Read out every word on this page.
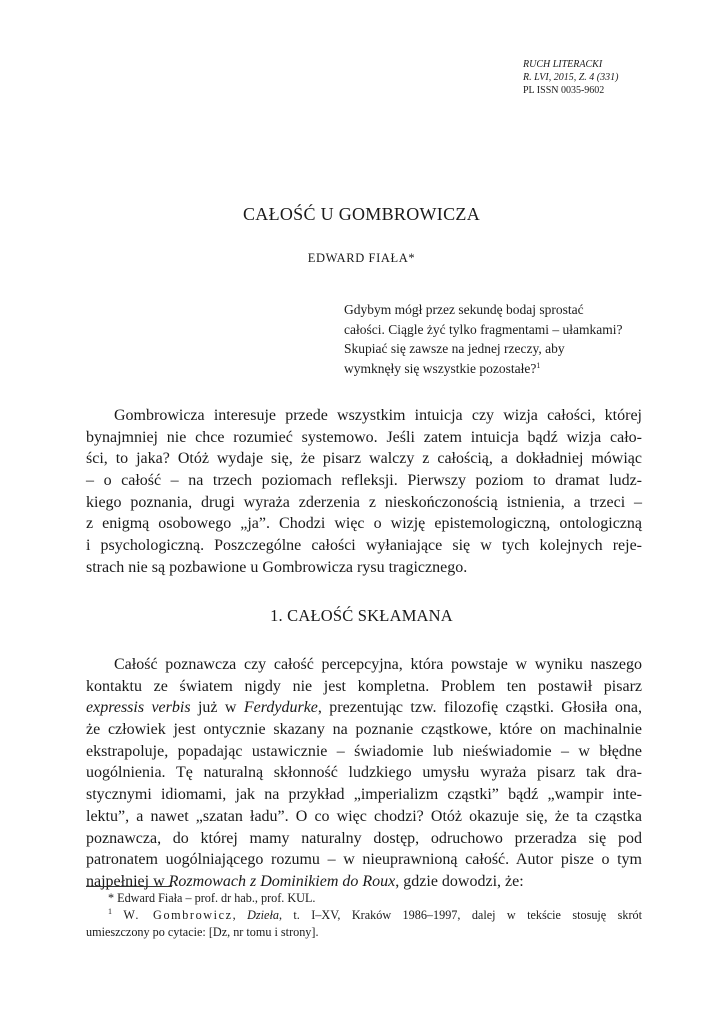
RUCH LITERACKI
R. LVI, 2015, Z. 4 (331)
PL ISSN 0035-9602
CAŁOŚĆ U GOMBROWICZA
EDWARD FIAŁA*
Gdybym mógł przez sekundę bodaj sprostać
całości. Ciągle żyć tylko fragmentami – ułamkami?
Skupiać się zawsze na jednej rzeczy, aby
wymknęły się wszystkie pozostałe?$^1$
Gombrowicza interesuje przede wszystkim intuicja czy wizja całości, której
bynajmniej nie chce rozumieć systemowo. Jeśli zatem intuicja bądź wizja cało-
ści, to jaka? Otóż wydaje się, że pisarz walczy z całością, a dokładniej mówiąc
– o całość – na trzech poziomach refleksji. Pierwszy poziom to dramat ludz-
kiego poznania, drugi wyraża zderzenia z nieskończonością istnienia, a trzeci –
z enigmą osobowego „ja”. Chodzi więc o wizję epistemologiczną, ontologiczną
i psychologiczną. Poszczególne całości wyłaniające się w tych kolejnych reje-
strach nie są pozbawione u Gombrowicza rysu tragicznego.
1. CAŁOŚĆ SKŁAMANA
Całość poznawcza czy całość percepcyjna, która powstaje w wyniku naszego
kontaktu ze światem nigdy nie jest kompletna. Problem ten postawił pisarz
expressis verbis już w Ferdydurke, prezentując tzw. filozofię cząstki. Głosiła ona,
że człowiek jest ontycznie skazany na poznanie cząstkowe, które on machinalnie
ekstrapoluje, popadając ustawicznie – świadomie lub nieświadomie – w błędne
uogólnienia. Tę naturalną skłonność ludzkiego umysłu wyraża pisarz tak dra-
stycznymi idiomami, jak na przykład „imperializm cząstki” bądź „wampir inte-
lektu”, a nawet „szatan ładu”. O co więc chodzi? Otóż okazuje się, że ta cząstka
poznawcza, do której mamy naturalny dostęp, odruchowo przeradza się pod
patronatem uogólniającego rozumu – w nieuprawnioną całość. Autor pisze o tym
najpełniej w Rozmowach z Dominikiem do Roux, gdzie dowodzi, że:
* Edward Fiała – prof. dr hab., prof. KUL.
$^1$ W. Gombrowicz, Dzieła, t. I–XV, Kraków 1986–1997, dalej w tekście stosuję skrót
umieszczony po cytacie: [Dz, nr tomu i strony].
